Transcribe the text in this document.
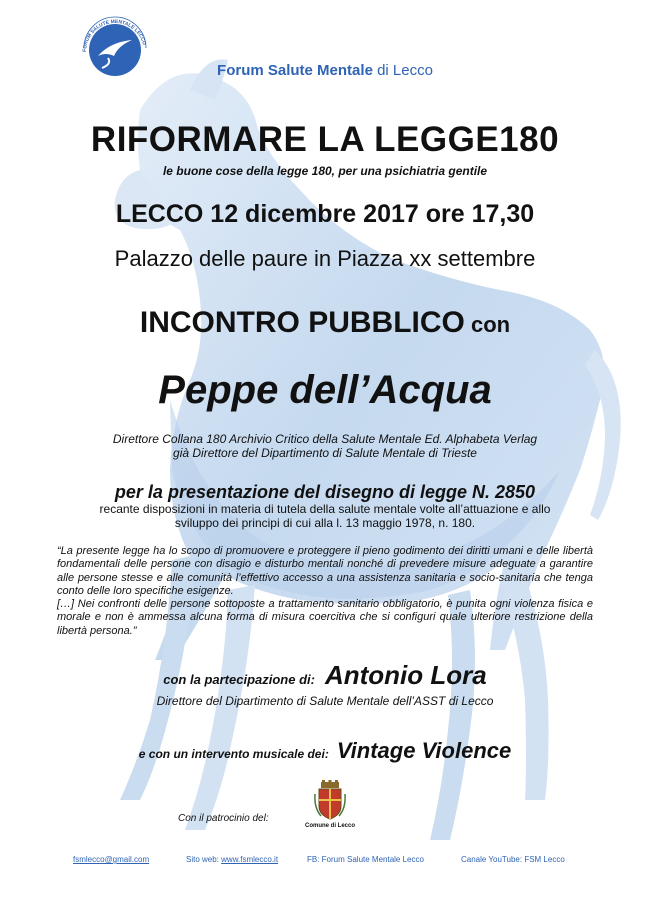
FORUM SALUTE MENTALE LECCO
Forum Salute Mentale di Lecco
RIFORMARE LA LEGGE180
le buone cose della legge 180, per una psichiatria gentile
LECCO 12 dicembre 2017 ore 17,30
Palazzo delle paure in Piazza xx settembre
INCONTRO PUBBLICO con
Peppe dell’Acqua
Direttore Collana 180 Archivio Critico della Salute Mentale Ed. Alphabeta Verlag
già Direttore del Dipartimento di Salute Mentale di Trieste
per la presentazione del disegno di legge N. 2850
recante disposizioni in materia di tutela della salute mentale volte all’attuazione e allo sviluppo dei principi di cui alla l. 13 maggio 1978, n. 180.

“La presente legge ha lo scopo di promuovere e proteggere il pieno godimento dei diritti umani e delle libertà fondamentali delle persone con disagio e disturbo mentali nonché di prevedere misure adeguate a garantire alle persone stesse e alle comunità l’effettivo accesso a una assistenza sanitaria e socio-sanitaria che tenga conto delle loro specifiche esigenze.

[…] Nei confronti delle persone sottoposte a trattamento sanitario obbligatorio, è punita ogni violenza fisica e morale e non è ammessa alcuna forma di misura coercitiva che si configuri quale ulteriore restrizione della libertà persona.”

con la partecipazione di: Antonio Lora
Direttore del Dipartimento di Salute Mentale dell’ASST di Lecco
e con un intervento musicale dei: Vintage Violence
Con il patrocinio del:
Comune di Lecco
fsmlecco@gmail.com	Sito web: www.fsmlecco.it	FB: Forum Salute Mentale Lecco	Canale YouTube: FSM Lecco
